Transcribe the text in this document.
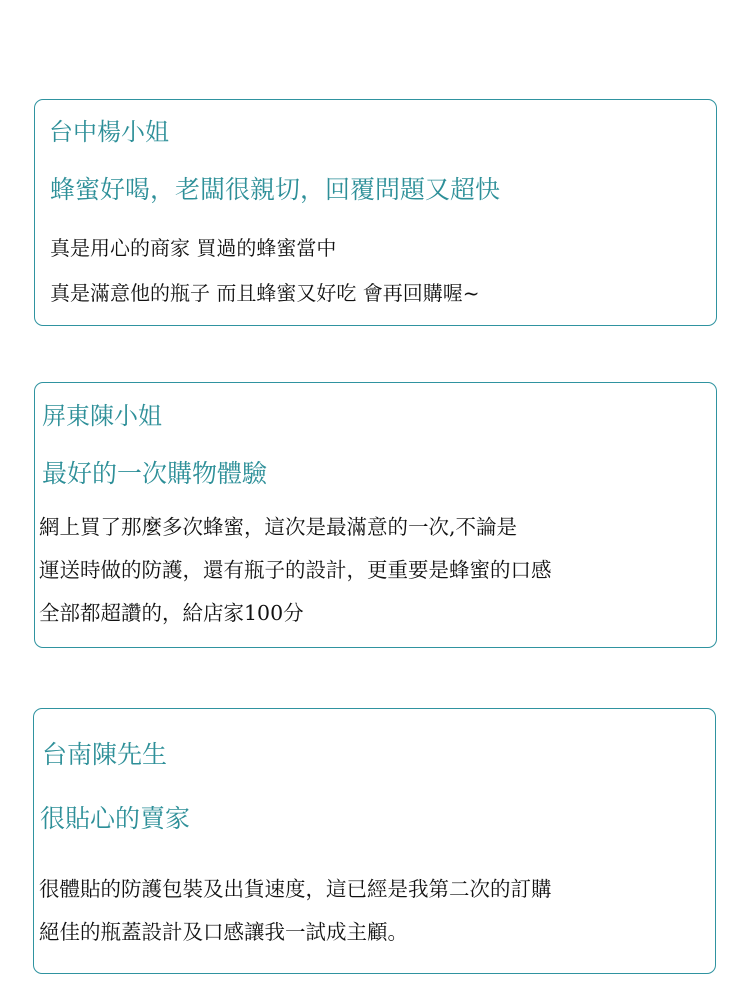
台中楊小姐

蜂蜜好喝，老闆很親切，回覆問題又超快

真是用心的商家 買過的蜂蜜當中

真是滿意他的瓶子 而且蜂蜜又好吃 會再回購喔~

屏東陳小姐

最好的一次購物體驗

網上買了那麼多次蜂蜜，這次是最滿意的一次,不論是

運送時做的防護，還有瓶子的設計，更重要是蜂蜜的口感

全部都超讚的，給店家100分

台南陳先生

很貼心的賣家

很體貼的防護包裝及出貨速度，這已經是我第二次的訂購

絕佳的瓶蓋設計及口感讓我一試成主顧。
